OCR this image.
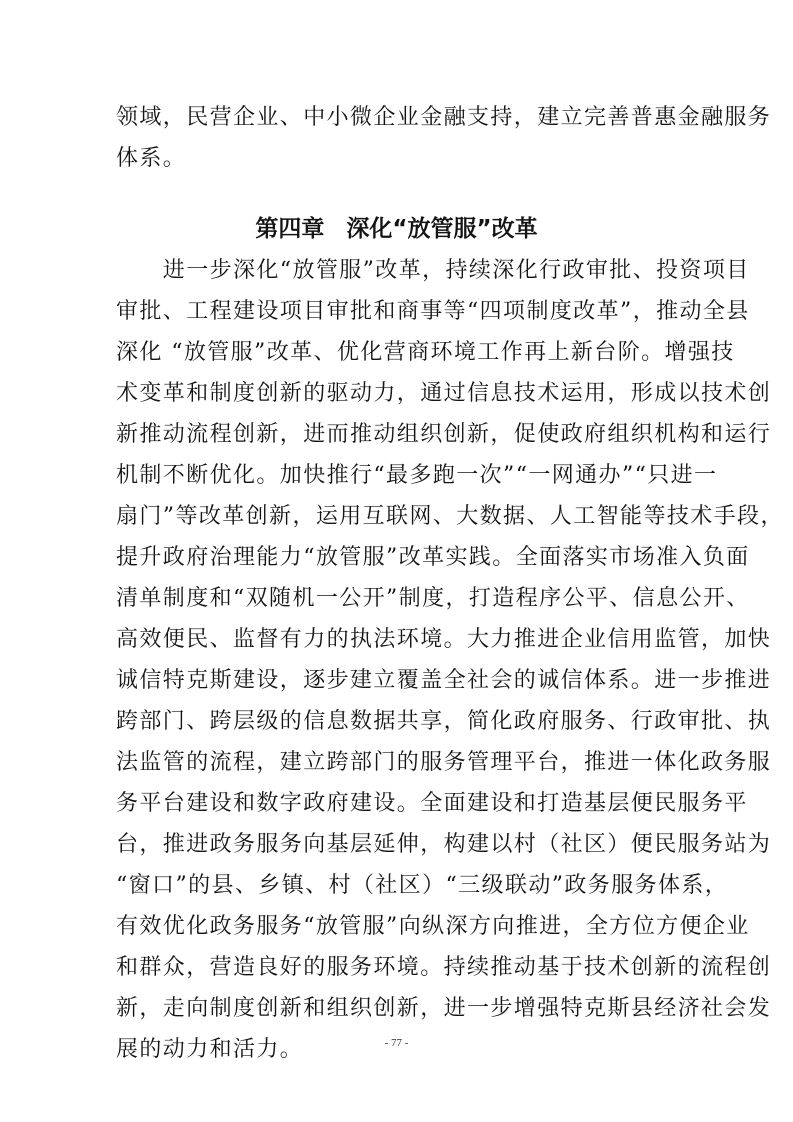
领域，民营企业、中小微企业金融支持，建立完善普惠金融服务
体系。
第四章 深化“放管服”改革
　　进一步深化“放管服”改革，持续深化行政审批、投资项目
审批、工程建设项目审批和商事等“四项制度改革”，推动全县
深化 “放管服”改革、优化营商环境工作再上新台阶。增强技
术变革和制度创新的驱动力，通过信息技术运用，形成以技术创
新推动流程创新，进而推动组织创新，促使政府组织机构和运行
机制不断优化。加快推行“最多跑一次”“一网通办”“只进一
扇门”等改革创新，运用互联网、大数据、人工智能等技术手段，
提升政府治理能力“放管服”改革实践。全面落实市场准入负面
清单制度和“双随机一公开”制度，打造程序公平、信息公开、
高效便民、监督有力的执法环境。大力推进企业信用监管，加快
诚信特克斯建设，逐步建立覆盖全社会的诚信体系。进一步推进
跨部门、跨层级的信息数据共享，简化政府服务、行政审批、执
法监管的流程，建立跨部门的服务管理平台，推进一体化政务服
务平台建设和数字政府建设。全面建设和打造基层便民服务平
台，推进政务服务向基层延伸，构建以村（社区）便民服务站为
“窗口”的县、乡镇、村（社区）“三级联动”政务服务体系，
有效优化政务服务“放管服”向纵深方向推进，全方位方便企业
和群众，营造良好的服务环境。持续推动基于技术创新的流程创
新，走向制度创新和组织创新，进一步增强特克斯县经济社会发
展的动力和活力。	- 77 -
